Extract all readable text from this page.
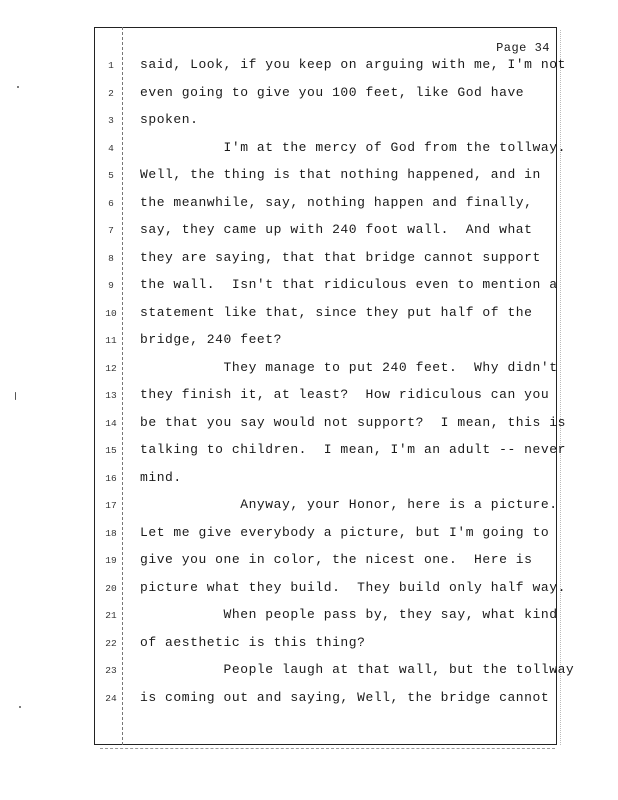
Page 34
1	said, Look, if you keep on arguing with me, I'm not
2	even going to give you 100 feet, like God have
3	spoken.
4	I'm at the mercy of God from the tollway.
5	Well, the thing is that nothing happened, and in
6	the meanwhile, say, nothing happen and finally,
7	say, they came up with 240 foot wall.  And what
8	they are saying, that that bridge cannot support
9	the wall.  Isn't that ridiculous even to mention a
10	statement like that, since they put half of the
11	bridge, 240 feet?
12	They manage to put 240 feet.  Why didn't
13	they finish it, at least?  How ridiculous can you
14	be that you say would not support?  I mean, this is
15	talking to children.  I mean, I'm an adult -- never
16	mind.
17	Anyway, your Honor, here is a picture.
18	Let me give everybody a picture, but I'm going to
19	give you one in color, the nicest one.  Here is
20	picture what they build.  They build only half way.
21	When people pass by, they say, what kind
22	of aesthetic is this thing?
23	People laugh at that wall, but the tollway
24	is coming out and saying, Well, the bridge cannot
